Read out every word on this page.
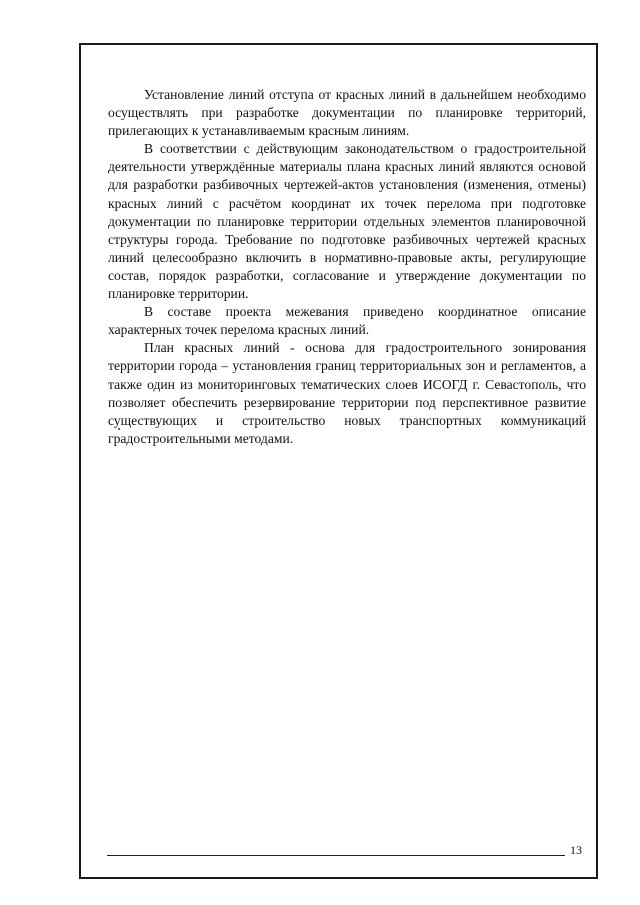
Установление линий отступа от красных линий в дальнейшем необходимо осуществлять при разработке документации по планировке территорий, прилегающих к устанавливаемым красным линиям.

В соответствии с действующим законодательством о градостроительной деятельности утверждённые материалы плана красных линий являются основой для разработки разбивочных чертежей-актов установления (изменения, отмены) красных линий с расчётом координат их точек перелома при подготовке документации по планировке территории отдельных элементов планировочной структуры города. Требование по подготовке разбивочных чертежей красных линий целесообразно включить в нормативно-правовые акты, регулирующие состав, порядок разработки, согласование и утверждение документации по планировке территории.

В составе проекта межевания приведено координатное описание характерных точек перелома красных линий.

План красных линий - основа для градостроительного зонирования территории города – установления границ территориальных зон и регламентов, а также один из мониторинговых тематических слоев ИСОГД г. Севастополь, что позволяет обеспечить резервирование территории под перспективное развитие существующих и строительство новых транспортных коммуникаций градостроительными методами.

13
